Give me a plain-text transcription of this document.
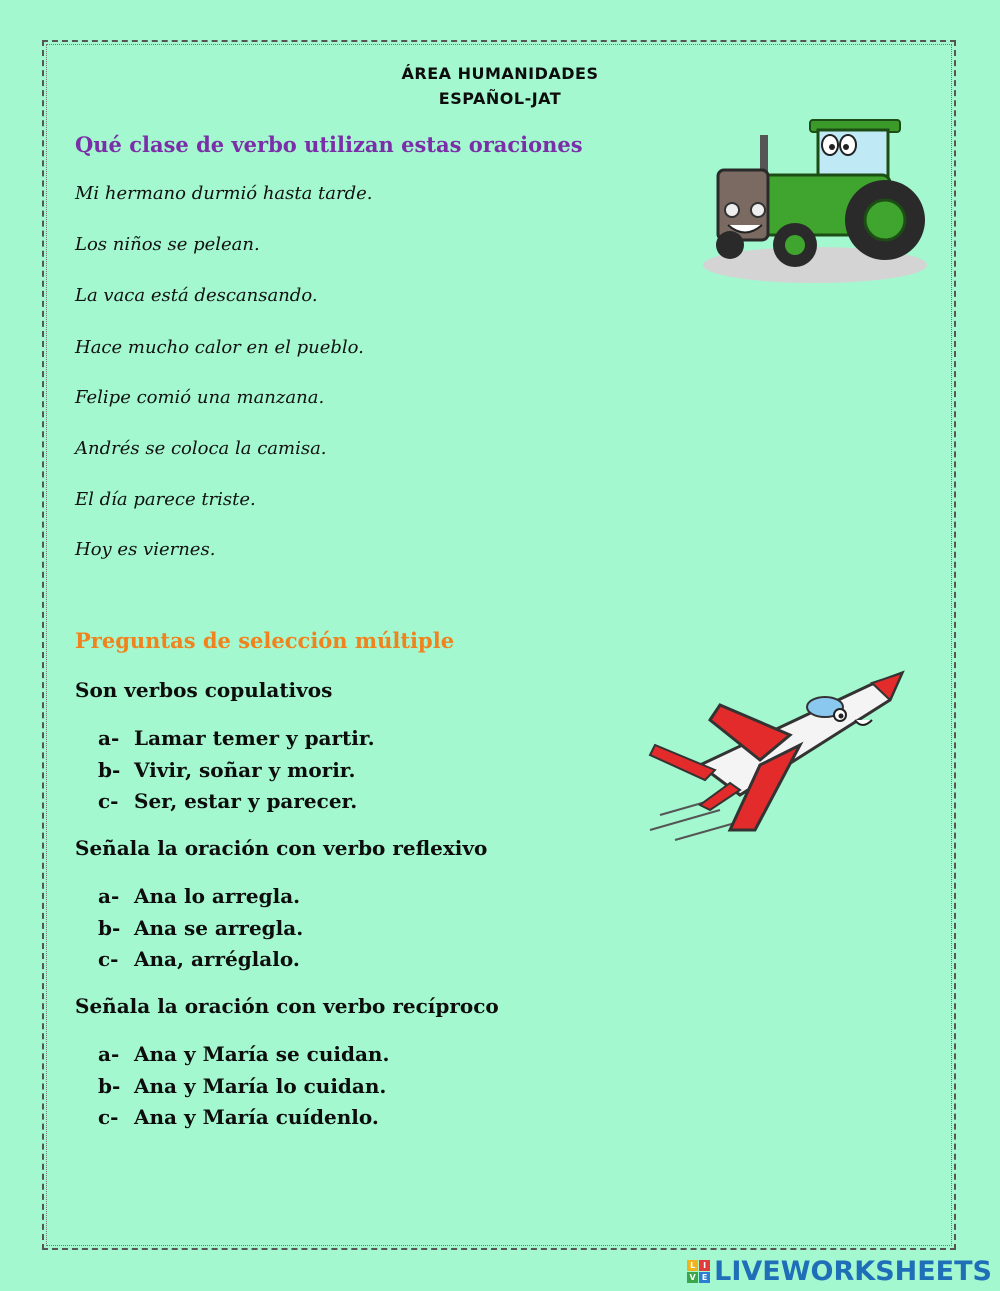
ÁREA HUMANIDADES
ESPAÑOL-JAT
Qué clase de verbo utilizan estas oraciones
Mi hermano durmió hasta tarde.
Los niños se pelean.
La vaca está descansando.
Hace mucho calor en el pueblo.
Felipe comió una manzana.
Andrés se coloca la camisa.
El día parece triste.
Hoy es viernes.
Preguntas de selección múltiple
Son verbos copulativos
a- Lamar temer y partir.
b- Vivir, soñar y morir.
c- Ser, estar y parecer.
Señala la oración con verbo reflexivo
a- Ana lo arregla.
b- Ana se arregla.
c- Ana, arréglalo.
Señala la oración con verbo recíproco
a- Ana y María se cuidan.
b- Ana y María lo cuidan.
c- Ana y María cuídenlo.
L I
V E LIVEWORKSHEETS
